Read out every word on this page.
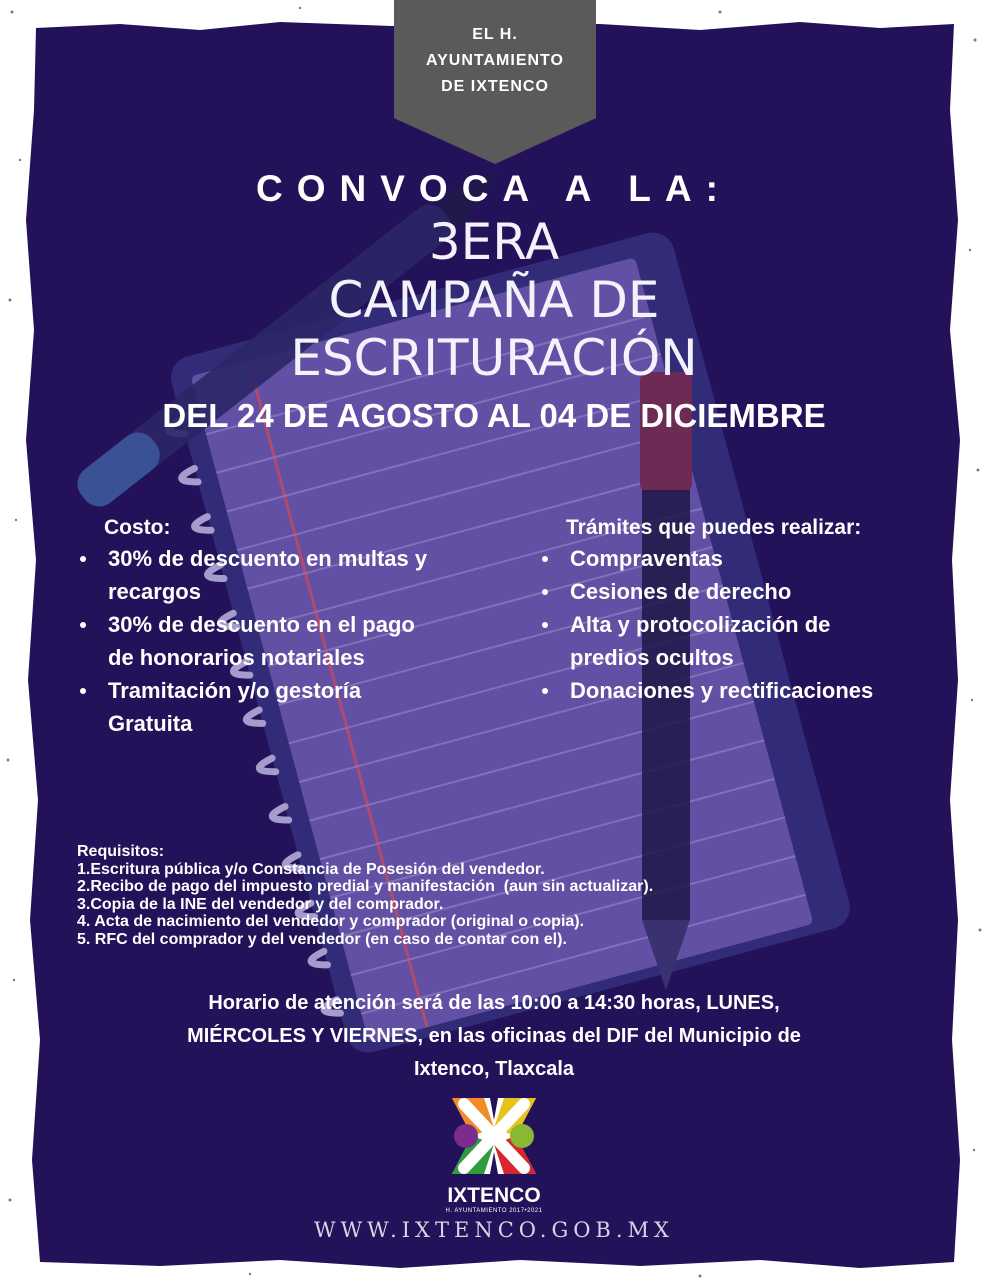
EL H.
AYUNTAMIENTO
DE IXTENCO
CONVOCA A LA:
3ERA
CAMPAÑA DE
ESCRITURACIÓN
DEL 24 DE AGOSTO AL 04 DE DICIEMBRE
Costo:
30% de descuento en multas y
recargos
30% de descuento en el pago
de honorarios notariales
Tramitación y/o gestoría
Gratuita
Trámites que puedes realizar:
Compraventas
Cesiones de derecho
Alta y protocolización de
predios ocultos
Donaciones y rectificaciones
Requisitos:
1.Escritura pública y/o Constancia de Posesión del vendedor.
2.Recibo de pago del impuesto predial y manifestación  (aun sin actualizar).
3.Copia de la INE del vendedor y del comprador.
4. Acta de nacimiento del vendedor y comprador (original o copia).
5. RFC del comprador y del vendedor (en caso de contar con el).
Horario de atención será de las 10:00 a 14:30 horas, LUNES,
MIÉRCOLES Y VIERNES, en las oficinas del DIF del Municipio de
Ixtenco, Tlaxcala
IXTENCO
H. AYUNTAMIENTO 2017•2021
WWW.IXTENCO.GOB.MX
